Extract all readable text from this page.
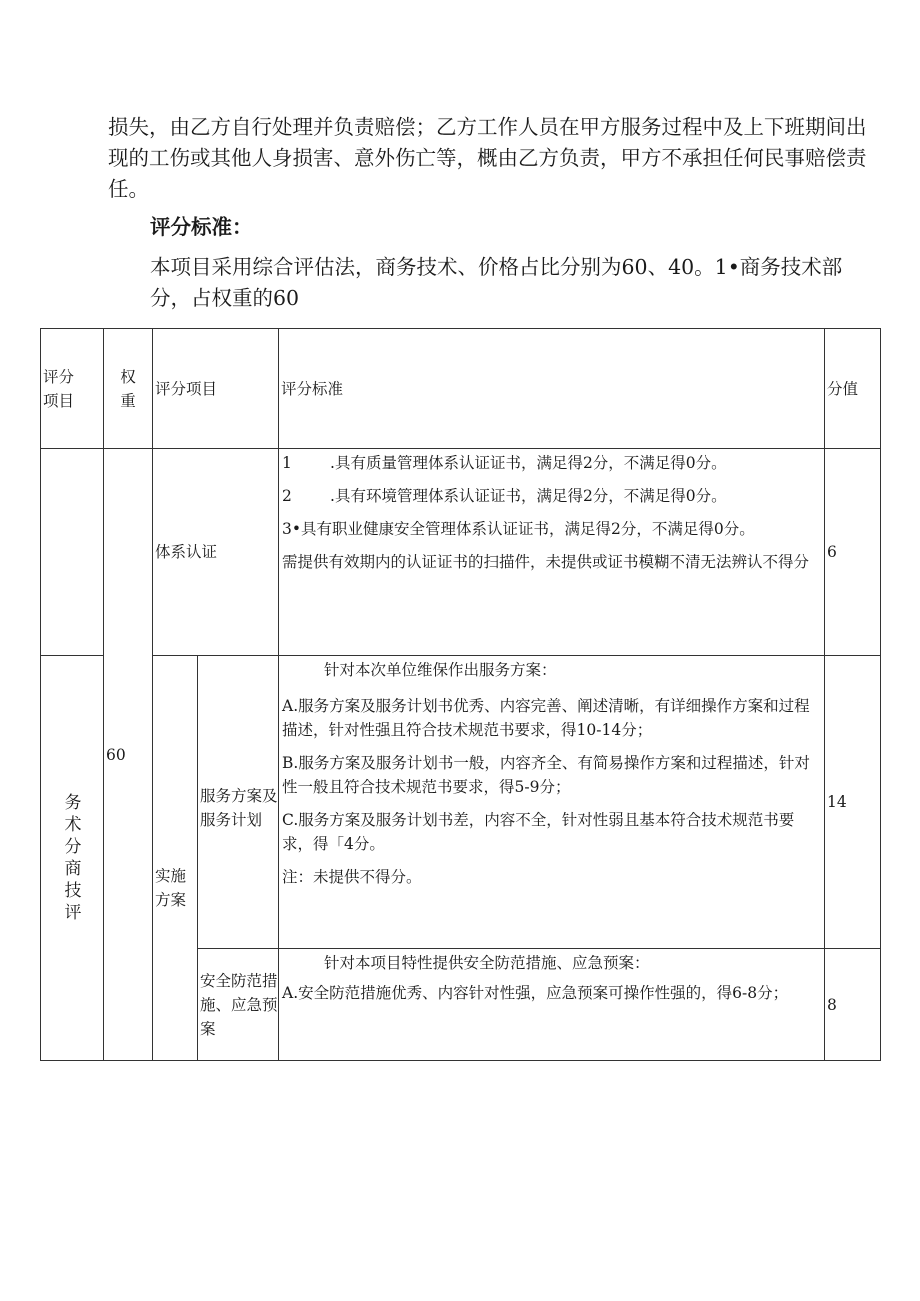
损失，由乙方自行处理并负责赔偿；乙方工作人员在甲方服务过程中及上下班期间出现的工伤或其他人身损害、意外伤亡等，概由乙方负责，甲方不承担任何民事赔偿责任。

评分标准：

本项目采用综合评估法，商务技术、价格占比分别为60、40。1•商务技术部
分，占权重的60

评分项目	权重	评分项目		评分标准	分值
	60	体系认证		1 .具有质量管理体系认证证书，满足得2分，不满足得0分。

2 .具有环境管理体系认证证书，满足得2分，不满足得0分。

3•具有职业健康安全管理体系认证证书，满足得2分，不满足得0分。

需提供有效期内的认证证书的扫描件，未提供或证书模糊不清无法辨认不得分	6

务术分商技评		实施方案	服务方案及服务计划	针对本次单位维保作出服务方案：

A.服务方案及服务计划书优秀、内容完善、阐述清晰，有详细操作方案和过程描述，针对性强且符合技术规范书要求，得10-14分；

B.服务方案及服务计划书一般，内容齐全、有简易操作方案和过程描述，针对性一般且符合技术规范书要求，得5-9分；

C.服务方案及服务计划书差，内容不全，针对性弱且基本符合技术规范书要求，得「4分。

注：未提供不得分。	14
			安全防范措施、应急预案	针对本项目特性提供安全防范措施、应急预案：

A.安全防范措施优秀、内容针对性强，应急预案可操作性强的，得6-8分；	8
